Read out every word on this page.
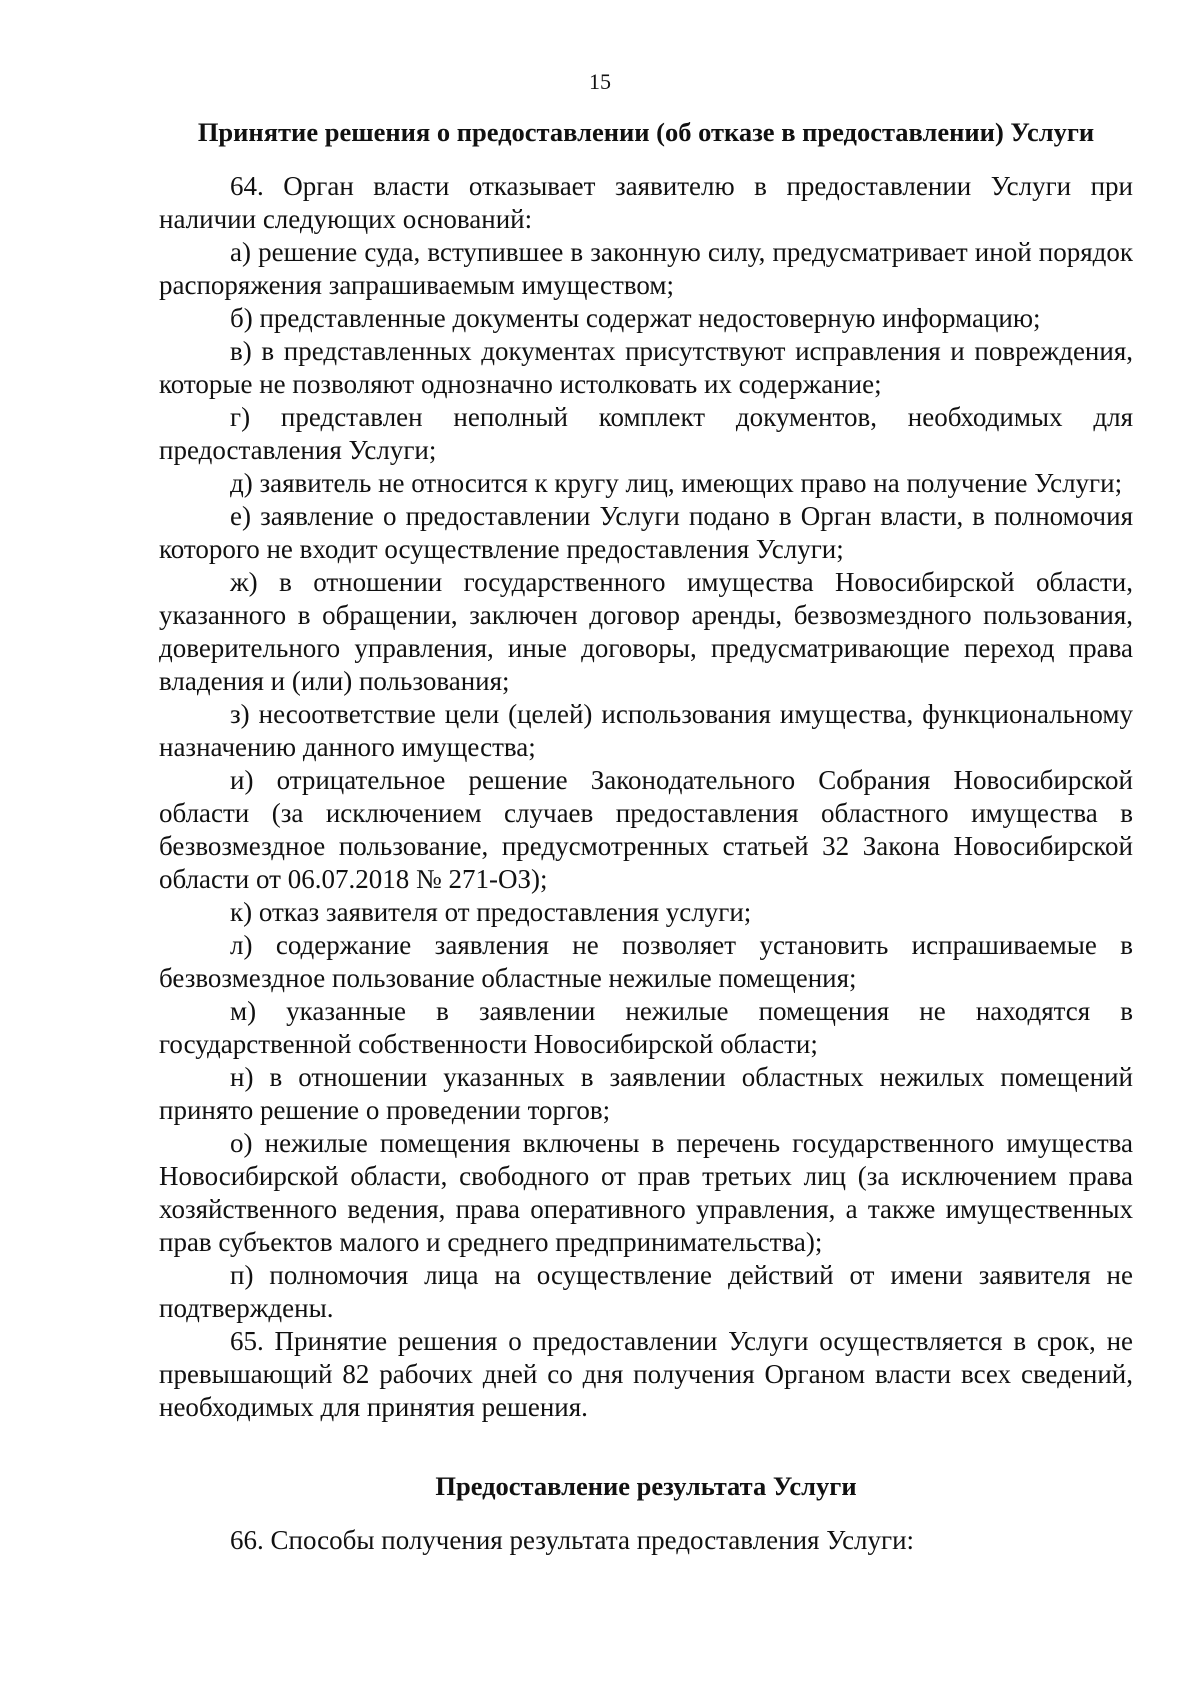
15
Принятие решения о предоставлении (об отказе в предоставлении) Услуги

64. Орган власти отказывает заявителю в предоставлении Услуги при наличии следующих оснований:

а) решение суда, вступившее в законную силу, предусматривает иной порядок распоряжения запрашиваемым имуществом;

б) представленные документы содержат недостоверную информацию;

в) в представленных документах присутствуют исправления и повреждения, которые не позволяют однозначно истолковать их содержание;

г) представлен неполный комплект документов, необходимых для предоставления Услуги;

д) заявитель не относится к кругу лиц, имеющих право на получение Услуги;

е) заявление о предоставлении Услуги подано в Орган власти, в полномочия которого не входит осуществление предоставления Услуги;

ж) в отношении государственного имущества Новосибирской области, указанного в обращении, заключен договор аренды, безвозмездного пользования, доверительного управления, иные договоры, предусматривающие переход права владения и (или) пользования;

з) несоответствие цели (целей) использования имущества, функциональному назначению данного имущества;

и) отрицательное решение Законодательного Собрания Новосибирской области (за исключением случаев предоставления областного имущества в безвозмездное пользование, предусмотренных статьей 32 Закона Новосибирской области от 06.07.2018 № 271-ОЗ);

к) отказ заявителя от предоставления услуги;

л) содержание заявления не позволяет установить испрашиваемые в безвозмездное пользование областные нежилые помещения;

м) указанные в заявлении нежилые помещения не находятся в государственной собственности Новосибирской области;

н) в отношении указанных в заявлении областных нежилых помещений принято решение о проведении торгов;

о) нежилые помещения включены в перечень государственного имущества Новосибирской области, свободного от прав третьих лиц (за исключением права хозяйственного ведения, права оперативного управления, а также имущественных прав субъектов малого и среднего предпринимательства);

п) полномочия лица на осуществление действий от имени заявителя не подтверждены.

65. Принятие решения о предоставлении Услуги осуществляется в срок, не превышающий 82 рабочих дней со дня получения Органом власти всех сведений, необходимых для принятия решения.

Предоставление результата Услуги

66. Способы получения результата предоставления Услуги:
